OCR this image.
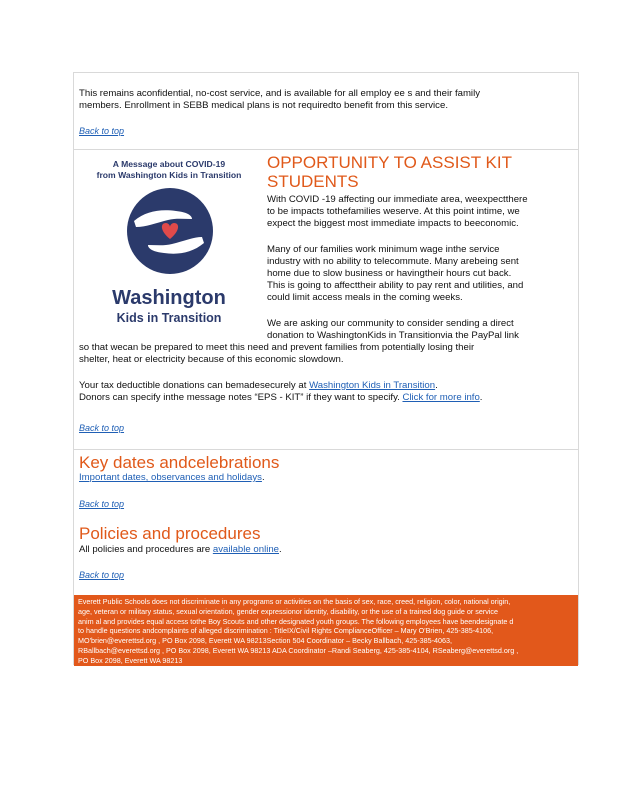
This remains aconfidential, no-cost service, and is available for all employ ee s and their family
members. Enrollment in SEBB medical plans is not requiredto benefit from this service.
Back to top
A Message about COVID-19
from Washington Kids in Transition
Washington
Kids in Transition
OPPORTUNITY TO ASSIST KIT
STUDENTS
With COVID -19 affecting our immediate area, weexpectthere
to be impacts tothefamilies weserve. At this point intime, we
expect the biggest most immediate impacts to beeconomic.
Many of our families work minimum wage inthe service
industry with no ability to telecommute. Many arebeing sent
home due to slow business or havingtheir hours cut back.
This is going to affecttheir ability to pay rent and utilities, and
could limit access meals in the coming weeks.
We are asking our community to consider sending a direct
donation to WashingtonKids in Transitionvia the PayPal link
so that wecan be prepared to meet this need and prevent families from potentially losing their
shelter, heat or electricity because of this economic slowdown.
Your tax deductible donations can bemadesecurely at Washington Kids in Transition.
Donors can specify inthe message notes “EPS - KIT” if they want to specify. Click for more info.
Back to top
Key dates andcelebrations
Important dates, observances and holidays.
Back to top
Policies and procedures
All policies and procedures are available online.
Back to top
Everett Public Schools does not discriminate in any programs or activities on the basis of sex, race, creed, religion, color, national origin,
age, veteran or military status, sexual orientation, gender expressionor identity, disability, or the use of a trained dog guide or service
anim al and provides equal access tothe Boy Scouts and other designated youth groups. The following employees have beendesignate d
to handle questions andcomplaints of alleged discrimination : TitleIX/Civil Rights ComplianceOfficer – Mary O'Brien, 425-385-4106,
MO'brien@everettsd.org , PO Box 2098, Everett WA 98213Section 504 Coordinator – Becky Ballbach, 425-385-4063,
RBallbach@everettsd.org , PO Box 2098, Everett WA 98213 ADA Coordinator –Randi Seaberg, 425-385-4104, RSeaberg@everettsd.org ,
PO Box 2098, Everett WA 98213
